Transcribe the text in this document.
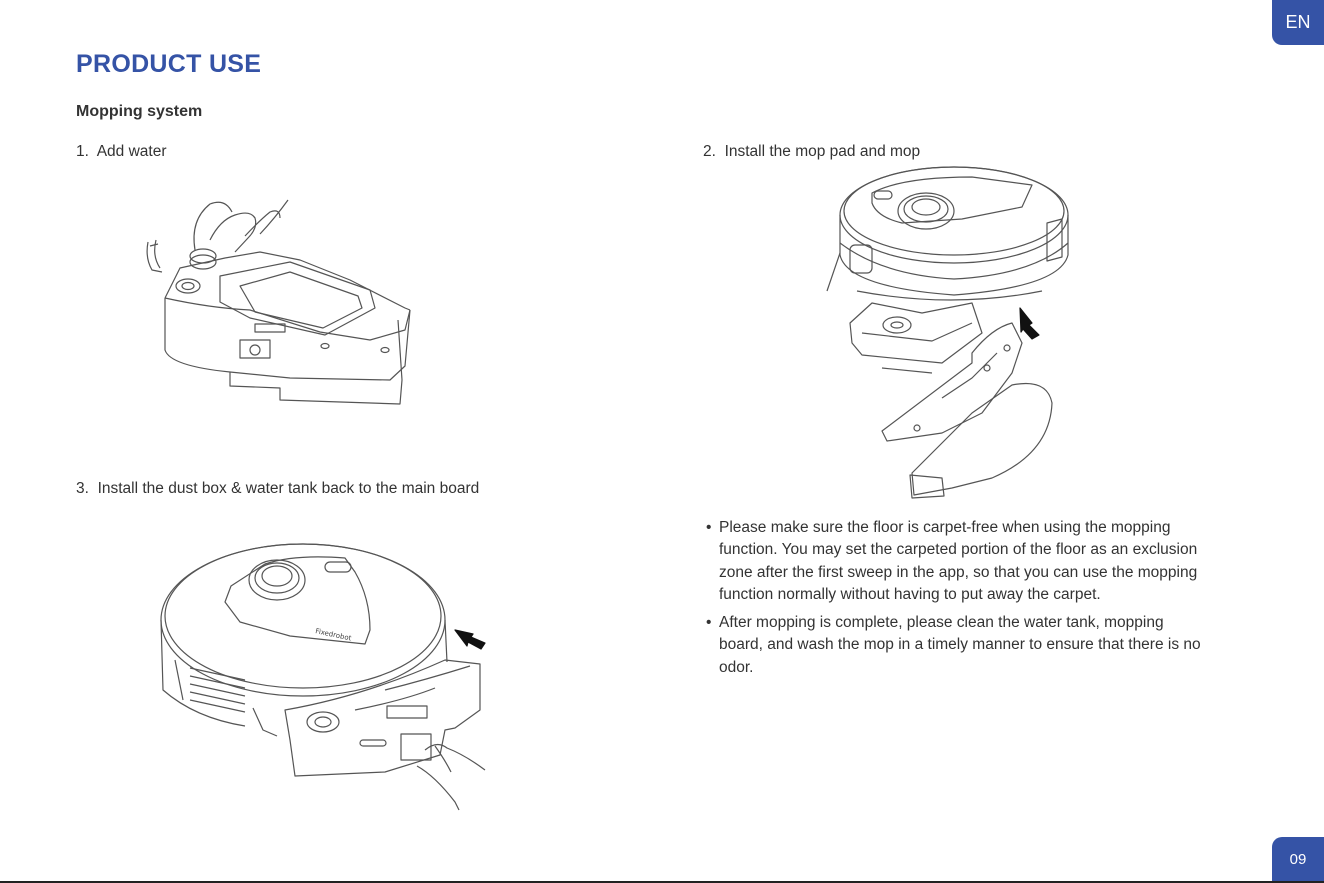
EN
PRODUCT USE
Mopping system
1. Add water	2. Install the mop pad and mop
3. Install the dust box & water tank back to the main board
Fixedrobot
• Please make sure the floor is carpet-free when using the mopping function. You may set the carpeted portion of the floor as an exclusion zone after the first sweep in the app, so that you can use the mopping function normally without having to put away the carpet.
• After mopping is complete, please clean the water tank, mopping board, and wash the mop in a timely manner to ensure that there is no odor.
09
